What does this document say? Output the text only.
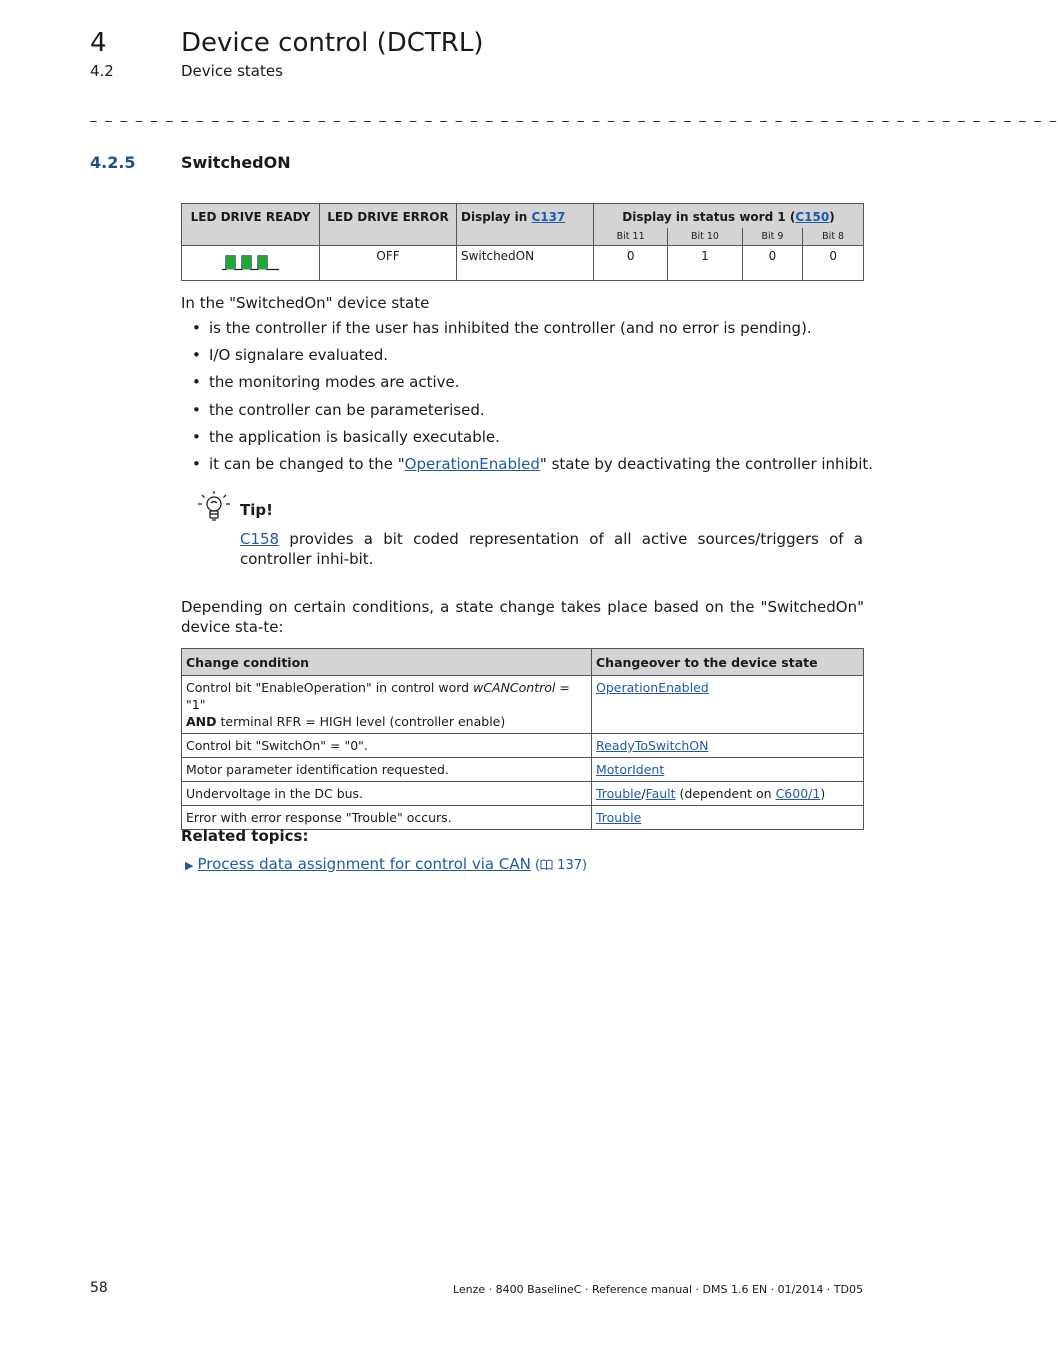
4	Device control (DCTRL)
4.2	Device states
_ _ _ _ _ _ _ _ _ _ _ _ _ _ _ _ _ _ _ _ _ _ _ _ _ _ _ _ _ _ _ _ _ _ _ _ _ _ _ _ _ _ _ _ _ _ _ _ _ _ _ _ _ _ _ _ _ _ _ _ _ _ _ _
4.2.5	SwitchedON
LED DRIVE READY	LED DRIVE ERROR	Display in C137	Display in status word 1 (C150)			
			Bit 11	Bit 10	Bit 9	Bit 8
	OFF	SwitchedON	0	1	0	0
In the "SwitchedOn" device state
• is the controller if the user has inhibited the controller (and no error is pending).
• I/O signalare evaluated.
• the monitoring modes are active.
• the controller can be parameterised.
• the application is basically executable.
• it can be changed to the "OperationEnabled" state by deactivating the controller inhibit.
Tip!
C158 provides a bit coded representation of all active sources/triggers of a controller inhi-bit.
Depending on certain conditions, a state change takes place based on the "SwitchedOn" device sta-te:
Change condition	Changeover to the device state
Control bit "EnableOperation" in control word wCANControl = "1"
AND terminal RFR = HIGH level (controller enable)	OperationEnabled
Control bit "SwitchOn" = "0".	ReadyToSwitchON
Motor parameter identification requested.	MotorIdent
Undervoltage in the DC bus.	Trouble/Fault (dependent on C600/1)
Error with error response "Trouble" occurs.	Trouble
Related topics:
▶ Process data assignment for control via CAN ( 137)
58	Lenze · 8400 BaselineC · Reference manual · DMS 1.6 EN · 01/2014 · TD05
